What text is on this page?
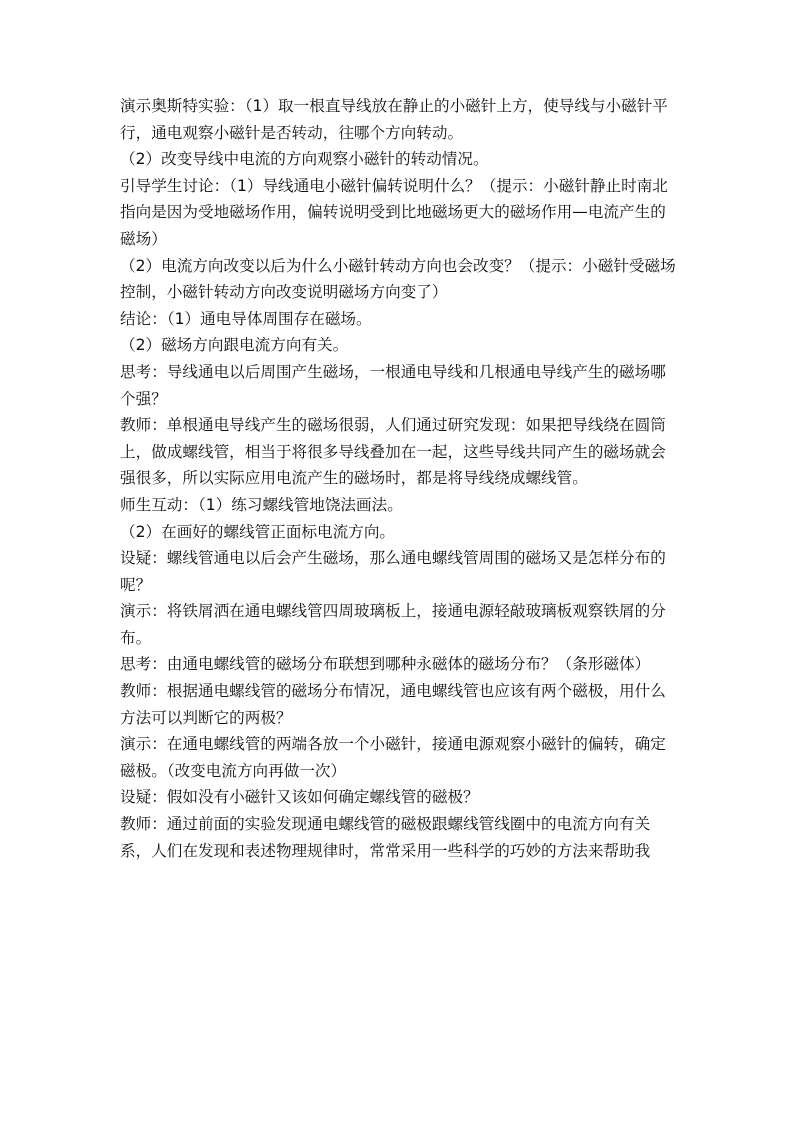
演示奥斯特实验：（1）取一根直导线放在静止的小磁针上方，使导线与小磁针平行，通电观察小磁针是否转动，往哪个方向转动。

（2）改变导线中电流的方向观察小磁针的转动情况。

引导学生讨论：（1）导线通电小磁针偏转说明什么？（提示：小磁针静止时南北指向是因为受地磁场作用，偏转说明受到比地磁场更大的磁场作用—电流产生的磁场）

（2）电流方向改变以后为什么小磁针转动方向也会改变？（提示：小磁针受磁场控制，小磁针转动方向改变说明磁场方向变了）

结论：（1）通电导体周围存在磁场。

（2）磁场方向跟电流方向有关。

思考：导线通电以后周围产生磁场，一根通电导线和几根通电导线产生的磁场哪个强？

教师：单根通电导线产生的磁场很弱，人们通过研究发现：如果把导线绕在圆筒上，做成螺线管，相当于将很多导线叠加在一起，这些导线共同产生的磁场就会强很多，所以实际应用电流产生的磁场时，都是将导线绕成螺线管。

师生互动：（1）练习螺线管地饶法画法。

（2）在画好的螺线管正面标电流方向。

设疑：螺线管通电以后会产生磁场，那么通电螺线管周围的磁场又是怎样分布的呢？

演示：将铁屑洒在通电螺线管四周玻璃板上，接通电源轻敲玻璃板观察铁屑的分布。

思考：由通电螺线管的磁场分布联想到哪种永磁体的磁场分布？（条形磁体）

教师：根据通电螺线管的磁场分布情况，通电螺线管也应该有两个磁极，用什么方法可以判断它的两极？

演示：在通电螺线管的两端各放一个小磁针，接通电源观察小磁针的偏转，确定磁极。（改变电流方向再做一次）

设疑：假如没有小磁针又该如何确定螺线管的磁极？

教师：通过前面的实验发现通电螺线管的磁极跟螺线管线圈中的电流方向有关系，人们在发现和表述物理规律时，常常采用一些科学的巧妙的方法来帮助我
